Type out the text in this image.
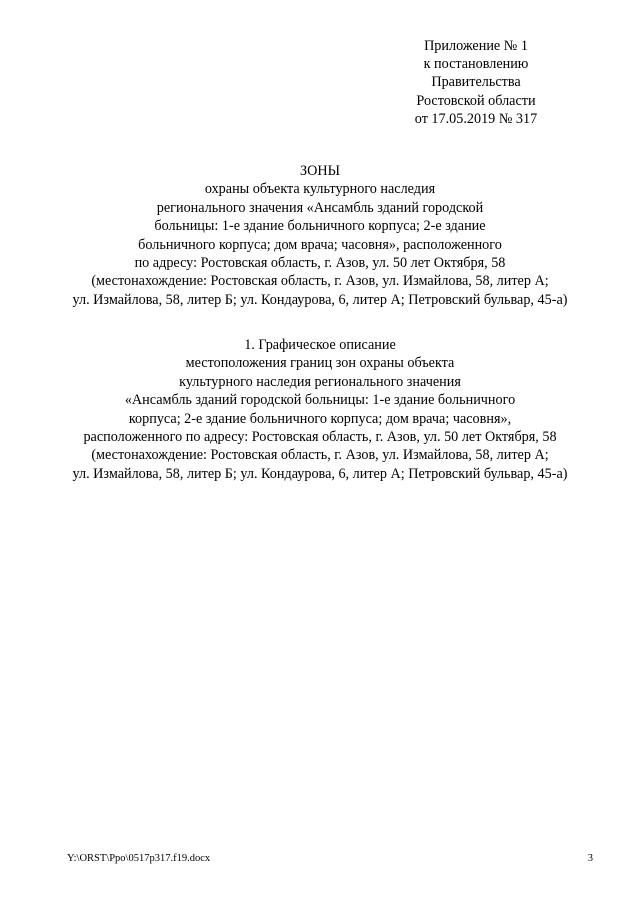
Приложение № 1
к постановлению
Правительства
Ростовской области
от 17.05.2019 № 317
ЗОНЫ
охраны объекта культурного наследия
регионального значения «Ансамбль зданий городской
больницы: 1-е здание больничного корпуса; 2-е здание
больничного корпуса; дом врача; часовня», расположенного
по адресу: Ростовская область, г. Азов, ул. 50 лет Октября, 58
(местонахождение: Ростовская область, г. Азов, ул. Измайлова, 58, литер А;
ул. Измайлова, 58, литер Б; ул. Кондаурова, 6, литер А; Петровский бульвар, 45-а)
1. Графическое описание
местоположения границ зон охраны объекта
культурного наследия регионального значения
«Ансамбль зданий городской больницы: 1-е здание больничного
корпуса; 2-е здание больничного корпуса; дом врача; часовня»,
расположенного по адресу: Ростовская область, г. Азов, ул. 50 лет Октября, 58
(местонахождение: Ростовская область, г. Азов, ул. Измайлова, 58, литер А;
ул. Измайлова, 58, литер Б; ул. Кондаурова, 6, литер А; Петровский бульвар, 45-а)
Y:\ORST\Ppo\0517p317.f19.docx	3
